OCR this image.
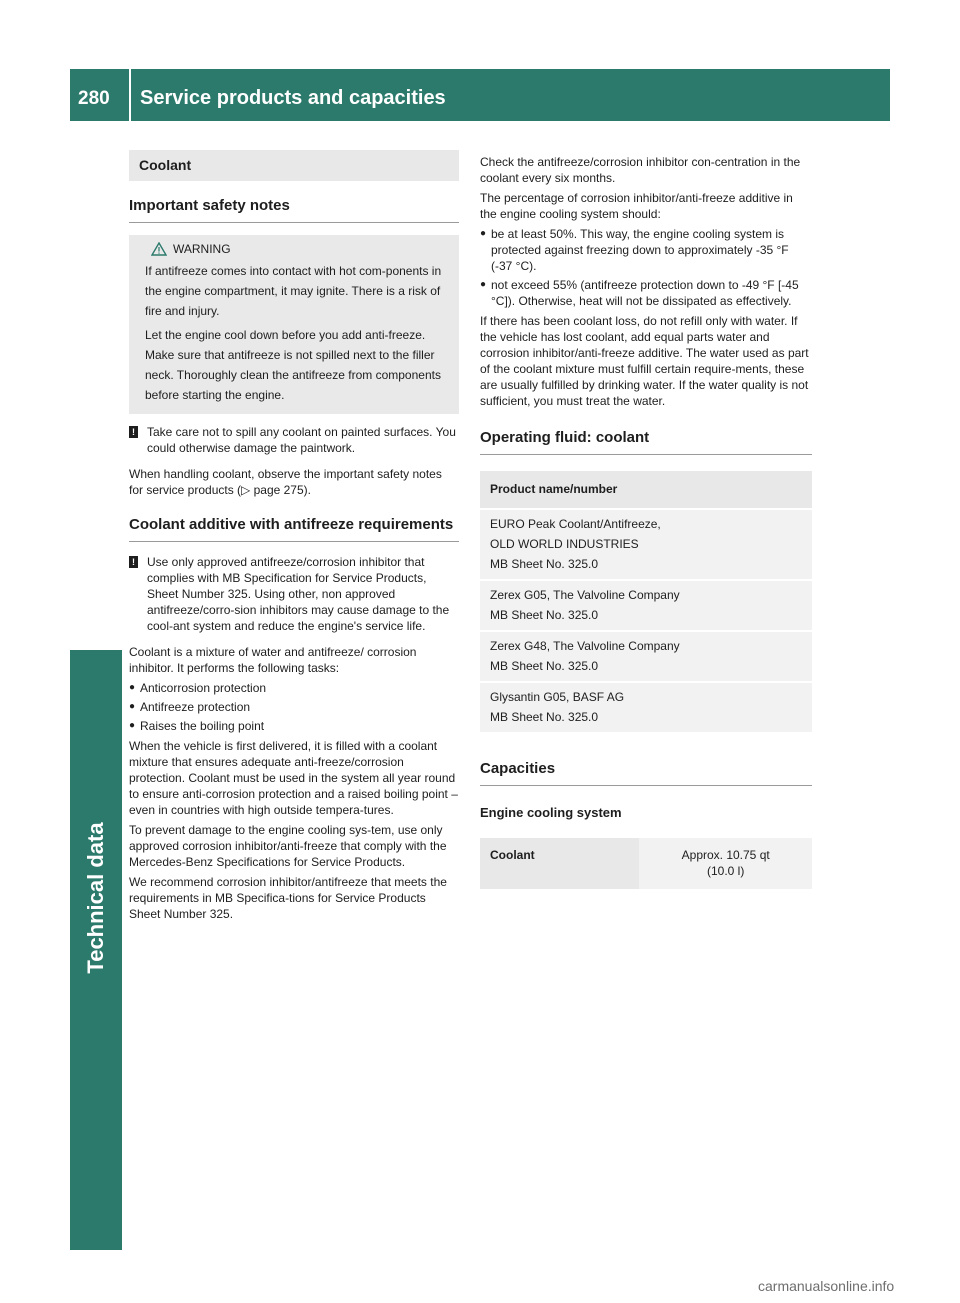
280	Service products and capacities
Technical data
Coolant
Important safety notes
WARNING

If antifreeze comes into contact with hot com-ponents in the engine compartment, it may ignite. There is a risk of fire and injury.

Let the engine cool down before you add anti-freeze. Make sure that antifreeze is not spilled next to the filler neck. Thoroughly clean the antifreeze from components before starting the engine.

! Take care not to spill any coolant on painted surfaces. You could otherwise damage the paintwork.

When handling coolant, observe the important safety notes for service products (▷ page 275).

Coolant additive with antifreeze requirements
! Use only approved antifreeze/corrosion inhibitor that complies with MB Specification for Service Products, Sheet Number 325. Using other, non approved antifreeze/corro-sion inhibitors may cause damage to the cool-ant system and reduce the engine's service life.

Coolant is a mixture of water and antifreeze/ corrosion inhibitor. It performs the following tasks:

● Anticorrosion protection
● Antifreeze protection
● Raises the boiling point

When the vehicle is first delivered, it is filled with a coolant mixture that ensures adequate anti-freeze/corrosion protection. Coolant must be used in the system all year round to ensure anti-corrosion protection and a raised boiling point – even in countries with high outside tempera-tures.

To prevent damage to the engine cooling sys-tem, use only approved corrosion inhibitor/anti-freeze that comply with the Mercedes-Benz Specifications for Service Products.

We recommend corrosion inhibitor/antifreeze that meets the requirements in MB Specifica-tions for Service Products Sheet Number 325.

Check the antifreeze/corrosion inhibitor con-centration in the coolant every six months.

The percentage of corrosion inhibitor/anti-freeze additive in the engine cooling system should:

● be at least 50%. This way, the engine cooling system is protected against freezing down to approximately -35 °F (-37 °C).
● not exceed 55% (antifreeze protection down to -49 °F [-45 °C]). Otherwise, heat will not be dissipated as effectively.

If there has been coolant loss, do not refill only with water. If the vehicle has lost coolant, add equal parts water and corrosion inhibitor/anti-freeze additive. The water used as part of the coolant mixture must fulfill certain require-ments, these are usually fulfilled by drinking water. If the water quality is not sufficient, you must treat the water.

Operating fluid: coolant
Product name/number

EURO Peak Coolant/Antifreeze,
OLD WORLD INDUSTRIES
MB Sheet No. 325.0

Zerex G05, The Valvoline Company
MB Sheet No. 325.0

Zerex G48, The Valvoline Company
MB Sheet No. 325.0

Glysantin G05, BASF AG
MB Sheet No. 325.0
Capacities
Engine cooling system
Coolant	Approx. 10.75 qt
(10.0 l)
carmanualsonline.info
